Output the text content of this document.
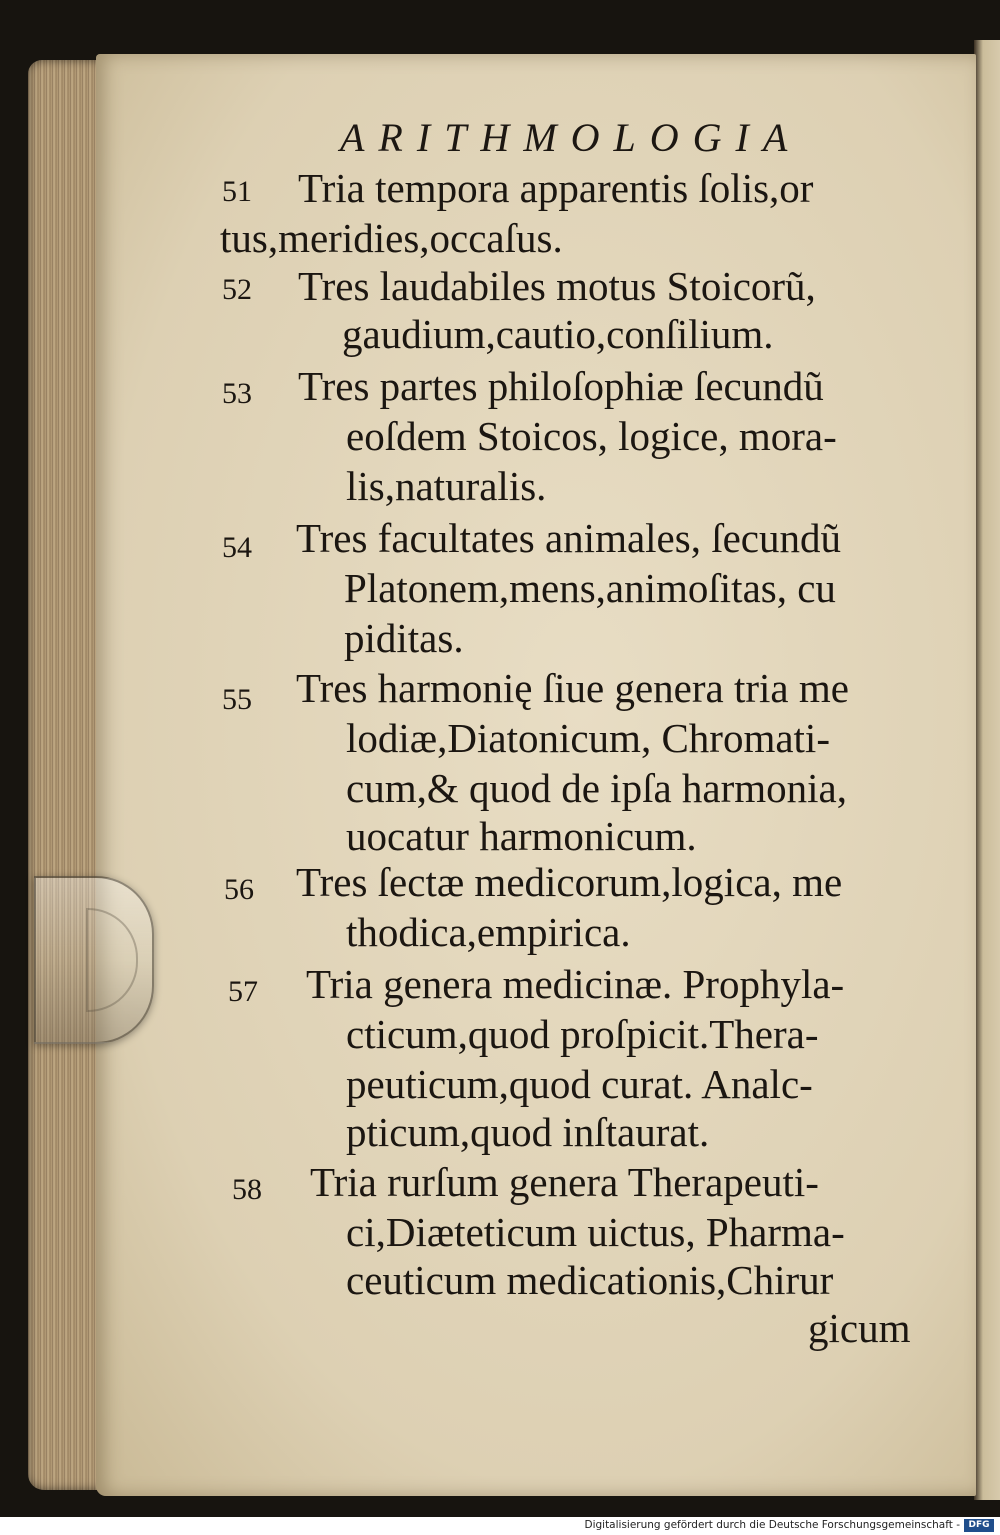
ARITHMOLOGIA
51 Tria tempora apparentis ſolis,or
tus,meridies,occaſus.
52 Tres laudabiles motus Stoicorũ,
gaudium,cautio,conſilium.
53 Tres partes philoſophiæ ſecundũ
eoſdem Stoicos, logice, mora-
lis,naturalis.
54 Tres facultates animales, ſecundũ
Platonem,mens,animoſitas, cu
piditas.
55 Tres harmonię ſiue genera tria me
lodiæ,Diatonicum, Chromati-
cum,& quod de ipſa harmonia,
uocatur harmonicum.
56 Tres ſectæ medicorum,logica, me
thodica,empirica.
57 Tria genera medicinæ. Prophyla-
cticum,quod proſpicit.Thera-
peuticum,quod curat. Analc-
pticum,quod inſtaurat.
58 Tria rurſum genera Therapeuti-
ci,Diæteticum uictus, Pharma-
ceuticum medicationis,Chirur
gicum
Digitalisierung gefördert durch die Deutsche Forschungsgemeinschaft - DFG
